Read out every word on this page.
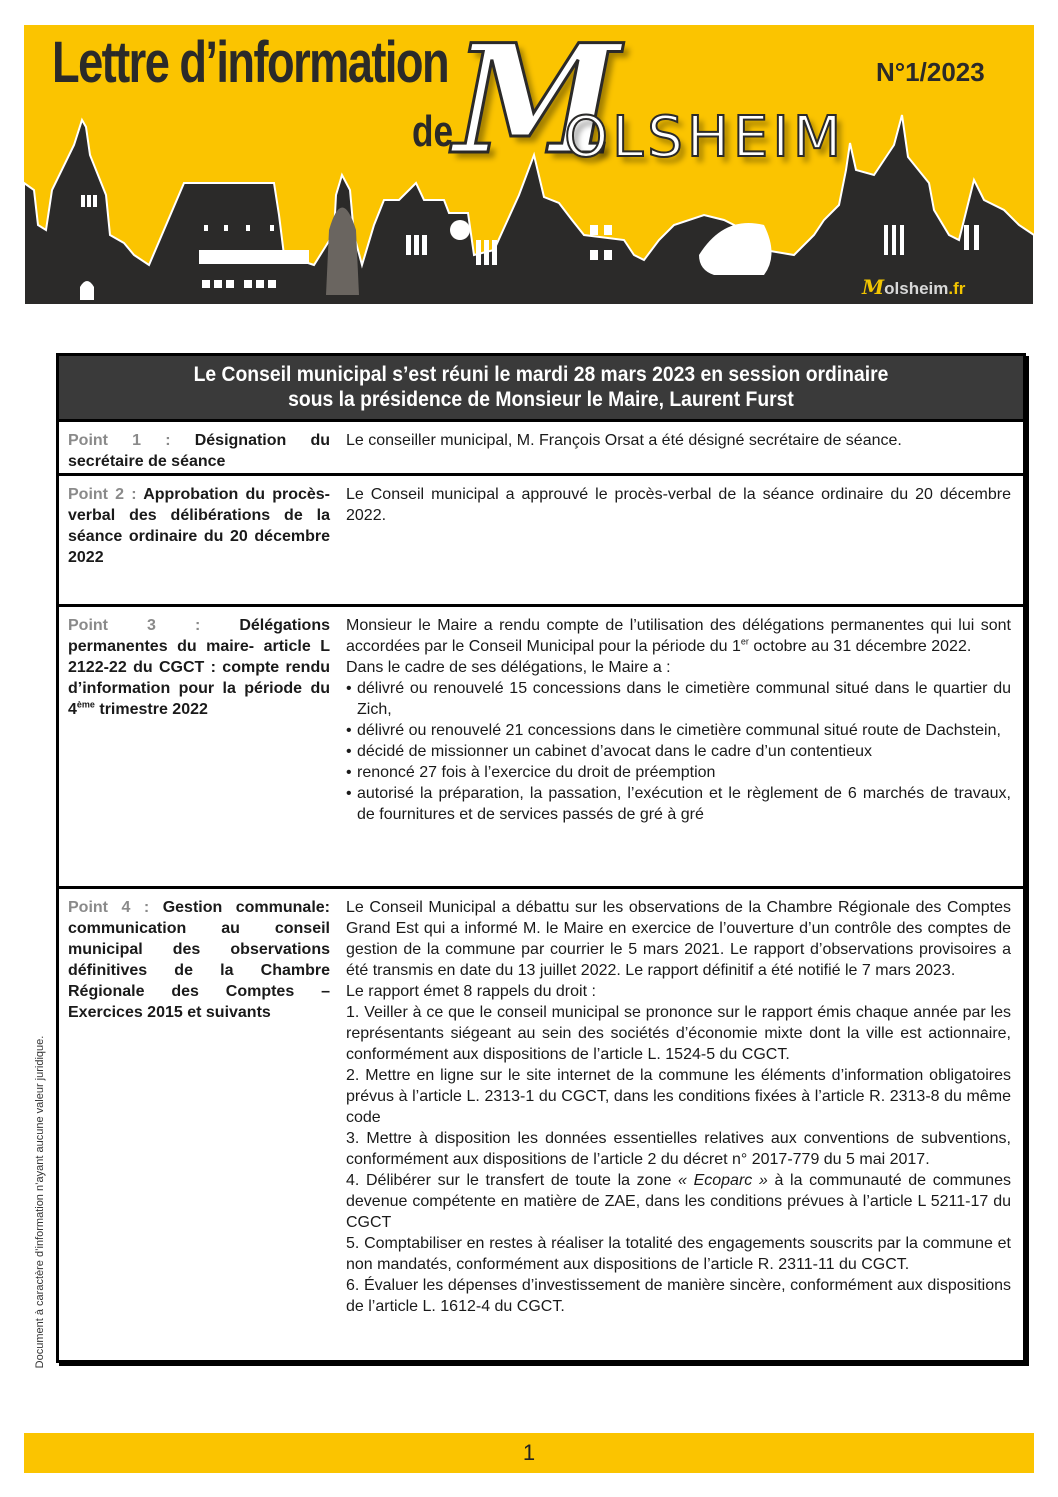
Lettre d’information
de M
OLSHEIM
N°1/2023
Molsheim.fr
Le Conseil municipal s’est réuni le mardi 28 mars 2023 en session ordinaire
sous la présidence de Monsieur le Maire, Laurent Furst
Point 1 : Désignation du secrétaire de séance

Le conseiller municipal, M. François Orsat a été désigné secrétaire de séance.

Point 2 : Approbation du procès-verbal des délibérations de la séance ordinaire du 20 décembre 2022

Le Conseil municipal a approuvé le procès-verbal de la séance ordinaire du 20 décembre 2022.

Point 3 : Délégations permanentes du maire- article L 2122-22 du CGCT : compte rendu d’information pour la période du 4ème trimestre 2022

Monsieur le Maire a rendu compte de l’utilisation des délégations permanentes qui lui sont accordées par le Conseil Municipal pour la période du 1er octobre au 31 décembre 2022.

Dans le cadre de ses délégations, le Maire a :

• délivré ou renouvelé 15 concessions dans le cimetière communal situé dans le quartier du Zich,
• délivré ou renouvelé 21 concessions dans le cimetière communal situé route de Dachstein,
• décidé de missionner un cabinet d’avocat dans le cadre d’un contentieux
• renoncé 27 fois à l’exercice du droit de préemption
• autorisé la préparation, la passation, l’exécution et le règlement de 6 marchés de travaux, de fournitures et de services passés de gré à gré
Point 4 : Gestion communale: communication au conseil municipal des observations définitives de la Chambre Régionale des Comptes – Exercices 2015 et suivants

Le Conseil Municipal a débattu sur les observations de la Chambre Régionale des Comptes Grand Est qui a informé M. le Maire en exercice de l’ouverture d’un contrôle des comptes de gestion de la commune par courrier le 5 mars 2021. Le rapport d’observations provisoires a été transmis en date du 13 juillet 2022. Le rapport définitif a été notifié le 7 mars 2023.

Le rapport émet 8 rappels du droit :

1. Veiller à ce que le conseil municipal se prononce sur le rapport émis chaque année par les représentants siégeant au sein des sociétés d’économie mixte dont la ville est actionnaire, conformément aux dispositions de l’article L. 1524-5 du CGCT.

2. Mettre en ligne sur le site internet de la commune les éléments d’information obligatoires prévus à l’article L. 2313-1 du CGCT, dans les conditions fixées à l’article R. 2313-8 du même code

3. Mettre à disposition les données essentielles relatives aux conventions de subventions, conformément aux dispositions de l’article 2 du décret n° 2017-779 du 5 mai 2017.

4. Délibérer sur le transfert de toute la zone « Ecoparc » à la communauté de communes devenue compétente en matière de ZAE, dans les conditions prévues à l’article L 5211-17 du CGCT

5. Comptabiliser en restes à réaliser la totalité des engagements souscrits par la commune et non mandatés, conformément aux dispositions de l’article R. 2311-11 du CGCT.

6. Évaluer les dépenses d’investissement de manière sincère, conformément aux dispositions de l’article L. 1612-4 du CGCT.

Document à caractère d’information n’ayant aucune valeur juridique.
1
